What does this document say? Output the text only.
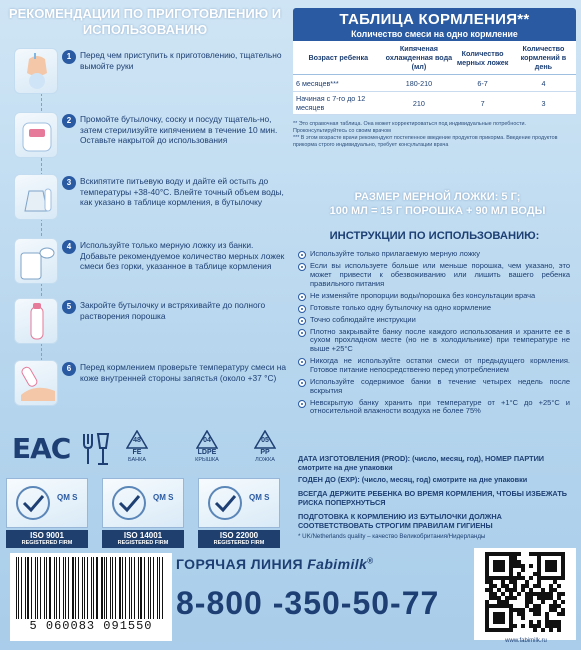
РЕКОМЕНДАЦИИ ПО ПРИГОТОВЛЕНИЮ И ИСПОЛЬЗОВАНИЮ
1	Перед чем приступить к приготовлению, тщательно вымойте руки
2	Промойте бутылочку, соску и посуду тщатель-но, затем стерилизуйте кипячением в течение 10 мин. Оставьте накрытой до использования
3	Вскипятите питьевую воду и дайте ей остыть до температуры +38-40°С. Влейте точный объем воды, как указано в таблице кормления, в бутылочку
4	Используйте только мерную ложку из банки. Добавьте рекомендуемое количество мерных ложек смеси без горки, указанное в таблице кормления
5	Закройте бутылочку и встряхивайте до полного растворения порошка
6	Перед кормлением проверьте температуру смеси на коже внутренней стороны запястья (около +37 °С)
EAC	48
FE
БАНКА
04
LDPE
КРЫШКА
05
PP
ЛОЖКА
QM S
ISO 9001
REGISTERED FIRM
QM S
ISO 14001
REGISTERED FIRM
QM S
ISO 22000
REGISTERED FIRM
ТАБЛИЦА КОРМЛЕНИЯ**
Количество смеси на одно кормление
Возраст ребенка	Кипяченая охлажденная вода (мл)	Количество мерных ложек	Количество кормлений в день
6 месяцев***	180-210	6-7	4
Начиная с 7-го до 12 месяцев	210	7	3
** Это справочная таблица. Она может корректироваться под индивидуальные потребности. Проконсультируйтесь со своим врачом
*** В этом возрасте врачи рекомендуют постепенное введение продуктов прикорма. Введение продуктов прикорма строго индивидуально, требует консультации врача
РАЗМЕР МЕРНОЙ ЛОЖКИ: 5 Г;
100 МЛ = 15 Г ПОРОШКА + 90 МЛ ВОДЫ
ИНСТРУКЦИИ ПО ИСПОЛЬЗОВАНИЮ:
Используйте только прилагаемую мерную ложку
Если вы используете больше или меньше порошка, чем указано, это может привести к обезвоживанию или лишить вашего ребенка правильного питания
Не изменяйте пропорции воды/порошка без консультации врача
Готовьте только одну бутылочку на одно кормление
Точно соблюдайте инструкции
Плотно закрывайте банку после каждого использования и храните ее в сухом прохладном месте (но не в холодильнике) при температуре не выше +25°С
Никогда не используйте остатки смеси от предыдущего кормления. Готовое питание непосредственно перед употреблением
Используйте содержимое банки в течение четырех недель после вскрытия
Невскрытую банку хранить при температуре от +1°С до +25°С и относительной влажности воздуха не более 75%
ДАТА ИЗГОТОВЛЕНИЯ (PROD): (число, месяц, год), НОМЕР ПАРТИИ смотрите на дне упаковки
ГОДЕН ДО (EXP): (число, месяц, год) смотрите на дне упаковки
ВСЕГДА ДЕРЖИТЕ РЕБЕНКА ВО ВРЕМЯ КОРМЛЕНИЯ, ЧТОБЫ ИЗБЕЖАТЬ РИСКА ПОПЕРХНУТЬСЯ
ПОДГОТОВКА К КОРМЛЕНИЮ ИЗ БУТЫЛОЧКИ ДОЛЖНА СООТВЕТСТВОВАТЬ СТРОГИМ ПРАВИЛАМ ГИГИЕНЫ
* UK/Netherlands quality – качество Великобритания/Нидерланды
5 060083 091550
ГОРЯЧАЯ ЛИНИЯ Fabimilk®
8-800 -350-50-77
www.fabimilk.ru
